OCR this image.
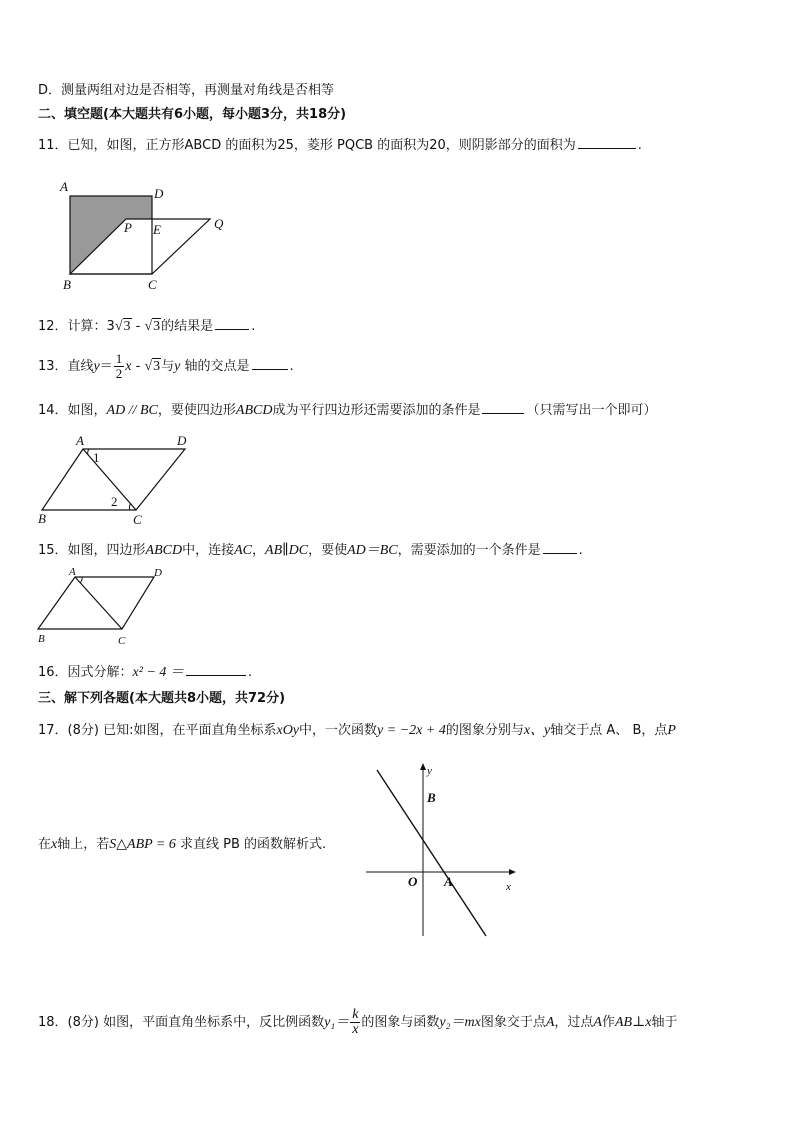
D．测量两组对边是否相等，再测量对角线是否相等
二、填空题(本大题共有6小题，每小题3分，共18分)
11．已知，如图，正方形ABCD 的面积为25，菱形 PQCB 的面积为20，则阴影部分的面积为	.
A	D
P E	Q
B	C
12．计算：3√3 - √3的结果是	.
13．直线$y= \frac{1}{2}$ x - √3与y 轴的交点是	.
14．如图，AD // BC，要使四边形ABCD成为平行四边形还需要添加的条件是	（只需写出一个即可）
A	D
B	C
1
2
15．如图，四边形ABCD中，连接AC，AB∥DC，要使AD＝BC，需要添加的一个条件是	.
A	D
B	C
16．因式分解：x² − 4 ＝	.
三、解下列各题(本大题共8小题，共72分)
17．(8分) 已知:如图，在平面直角坐标系xOy中，一次函数y = −2x + 4的图象分别与x、y轴交于点 A、 B，点P
在x轴上，若S△ABP = 6 求直线 PB 的函数解析式.
y
B
O A	x
18．(8分) 如图，平面直角坐标系中，反比例函数$y_1= \frac{k}{x}$ 的图象与函数y₂＝mx图象交于点A，过点A作AB⊥x轴于
